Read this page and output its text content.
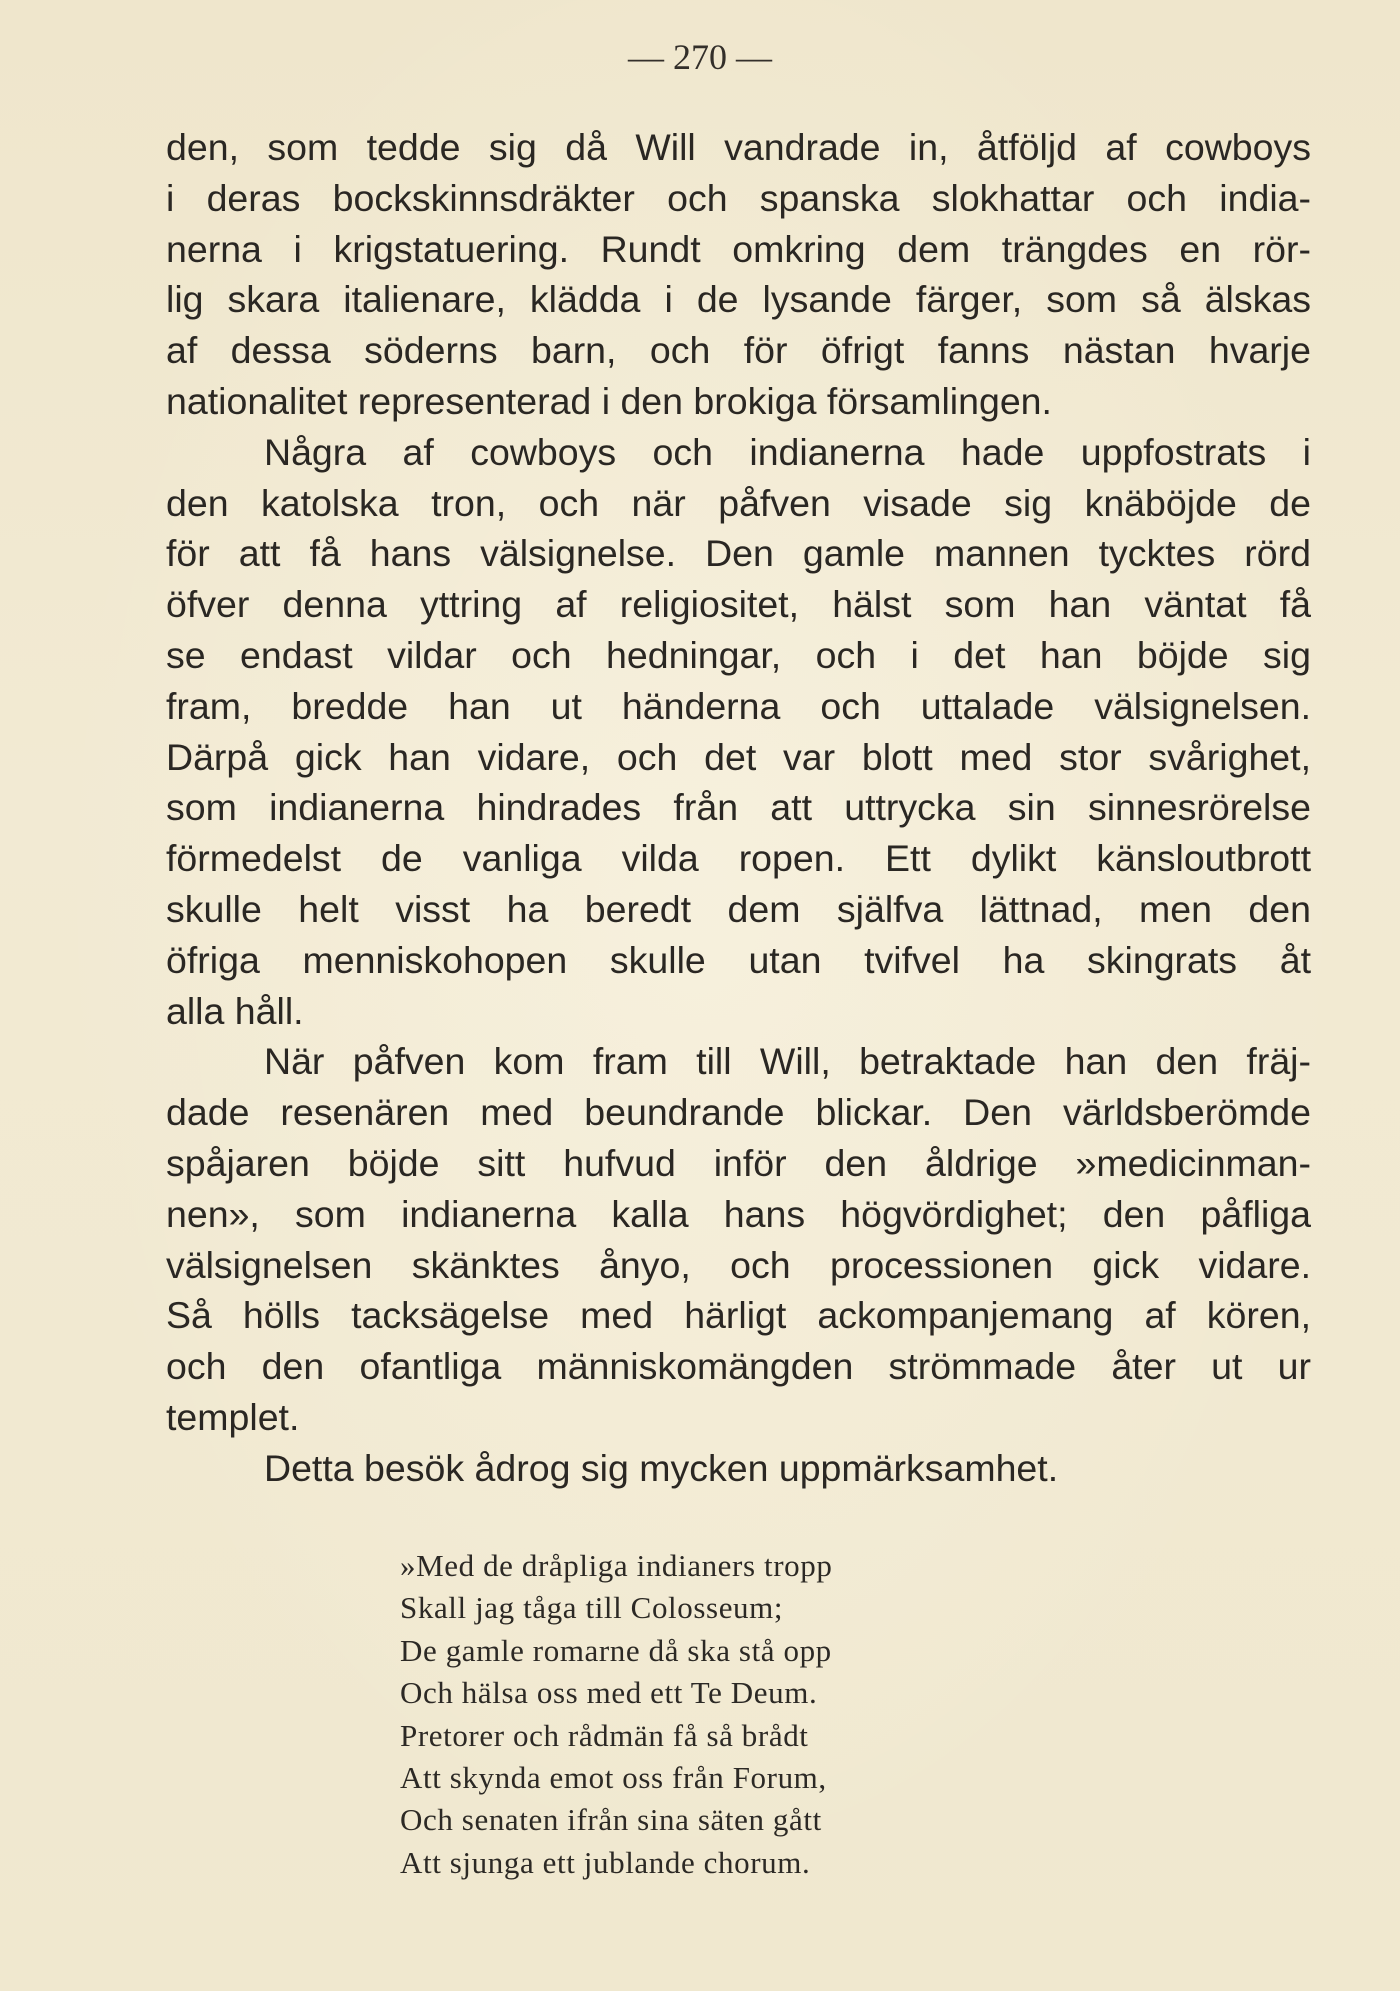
— 270 —

den, som tedde sig då Will vandrade in, åtföljd af cowboys
i deras bockskinnsdräkter och spanska slokhattar och india-
nerna i krigstatuering. Rundt omkring dem trängdes en rör-
lig skara italienare, klädda i de lysande färger, som så älskas
af dessa söderns barn, och för öfrigt fanns nästan hvarje
nationalitet representerad i den brokiga församlingen.

Några af cowboys och indianerna hade uppfostrats i
den katolska tron, och när påfven visade sig knäböjde de
för att få hans välsignelse. Den gamle mannen tycktes rörd
öfver denna yttring af religiositet, hälst som han väntat få
se endast vildar och hedningar, och i det han böjde sig
fram, bredde han ut händerna och uttalade välsignelsen.
Därpå gick han vidare, och det var blott med stor svårighet,
som indianerna hindrades från att uttrycka sin sinnesrörelse
förmedelst de vanliga vilda ropen. Ett dylikt känsloutbrott
skulle helt visst ha beredt dem själfva lättnad, men den
öfriga menniskohopen skulle utan tvifvel ha skingrats åt
alla håll.

När påfven kom fram till Will, betraktade han den fräj-
dade resenären med beundrande blickar. Den världsberömde
spåjaren böjde sitt hufvud inför den åldrige »medicinman-
nen», som indianerna kalla hans högvördighet; den påfliga
välsignelsen skänktes ånyo, och processionen gick vidare.
Så hölls tacksägelse med härligt ackompanjemang af kören,
och den ofantliga människomängden strömmade åter ut ur
templet.

Detta besök ådrog sig mycken uppmärksamhet.

»Med de dråpliga indianers tropp
Skall jag tåga till Colosseum;
De gamle romarne då ska stå opp
Och hälsa oss med ett Te Deum.
Pretorer och rådmän få så brådt
Att skynda emot oss från Forum,
Och senaten ifrån sina säten gått
Att sjunga ett jublande chorum.
